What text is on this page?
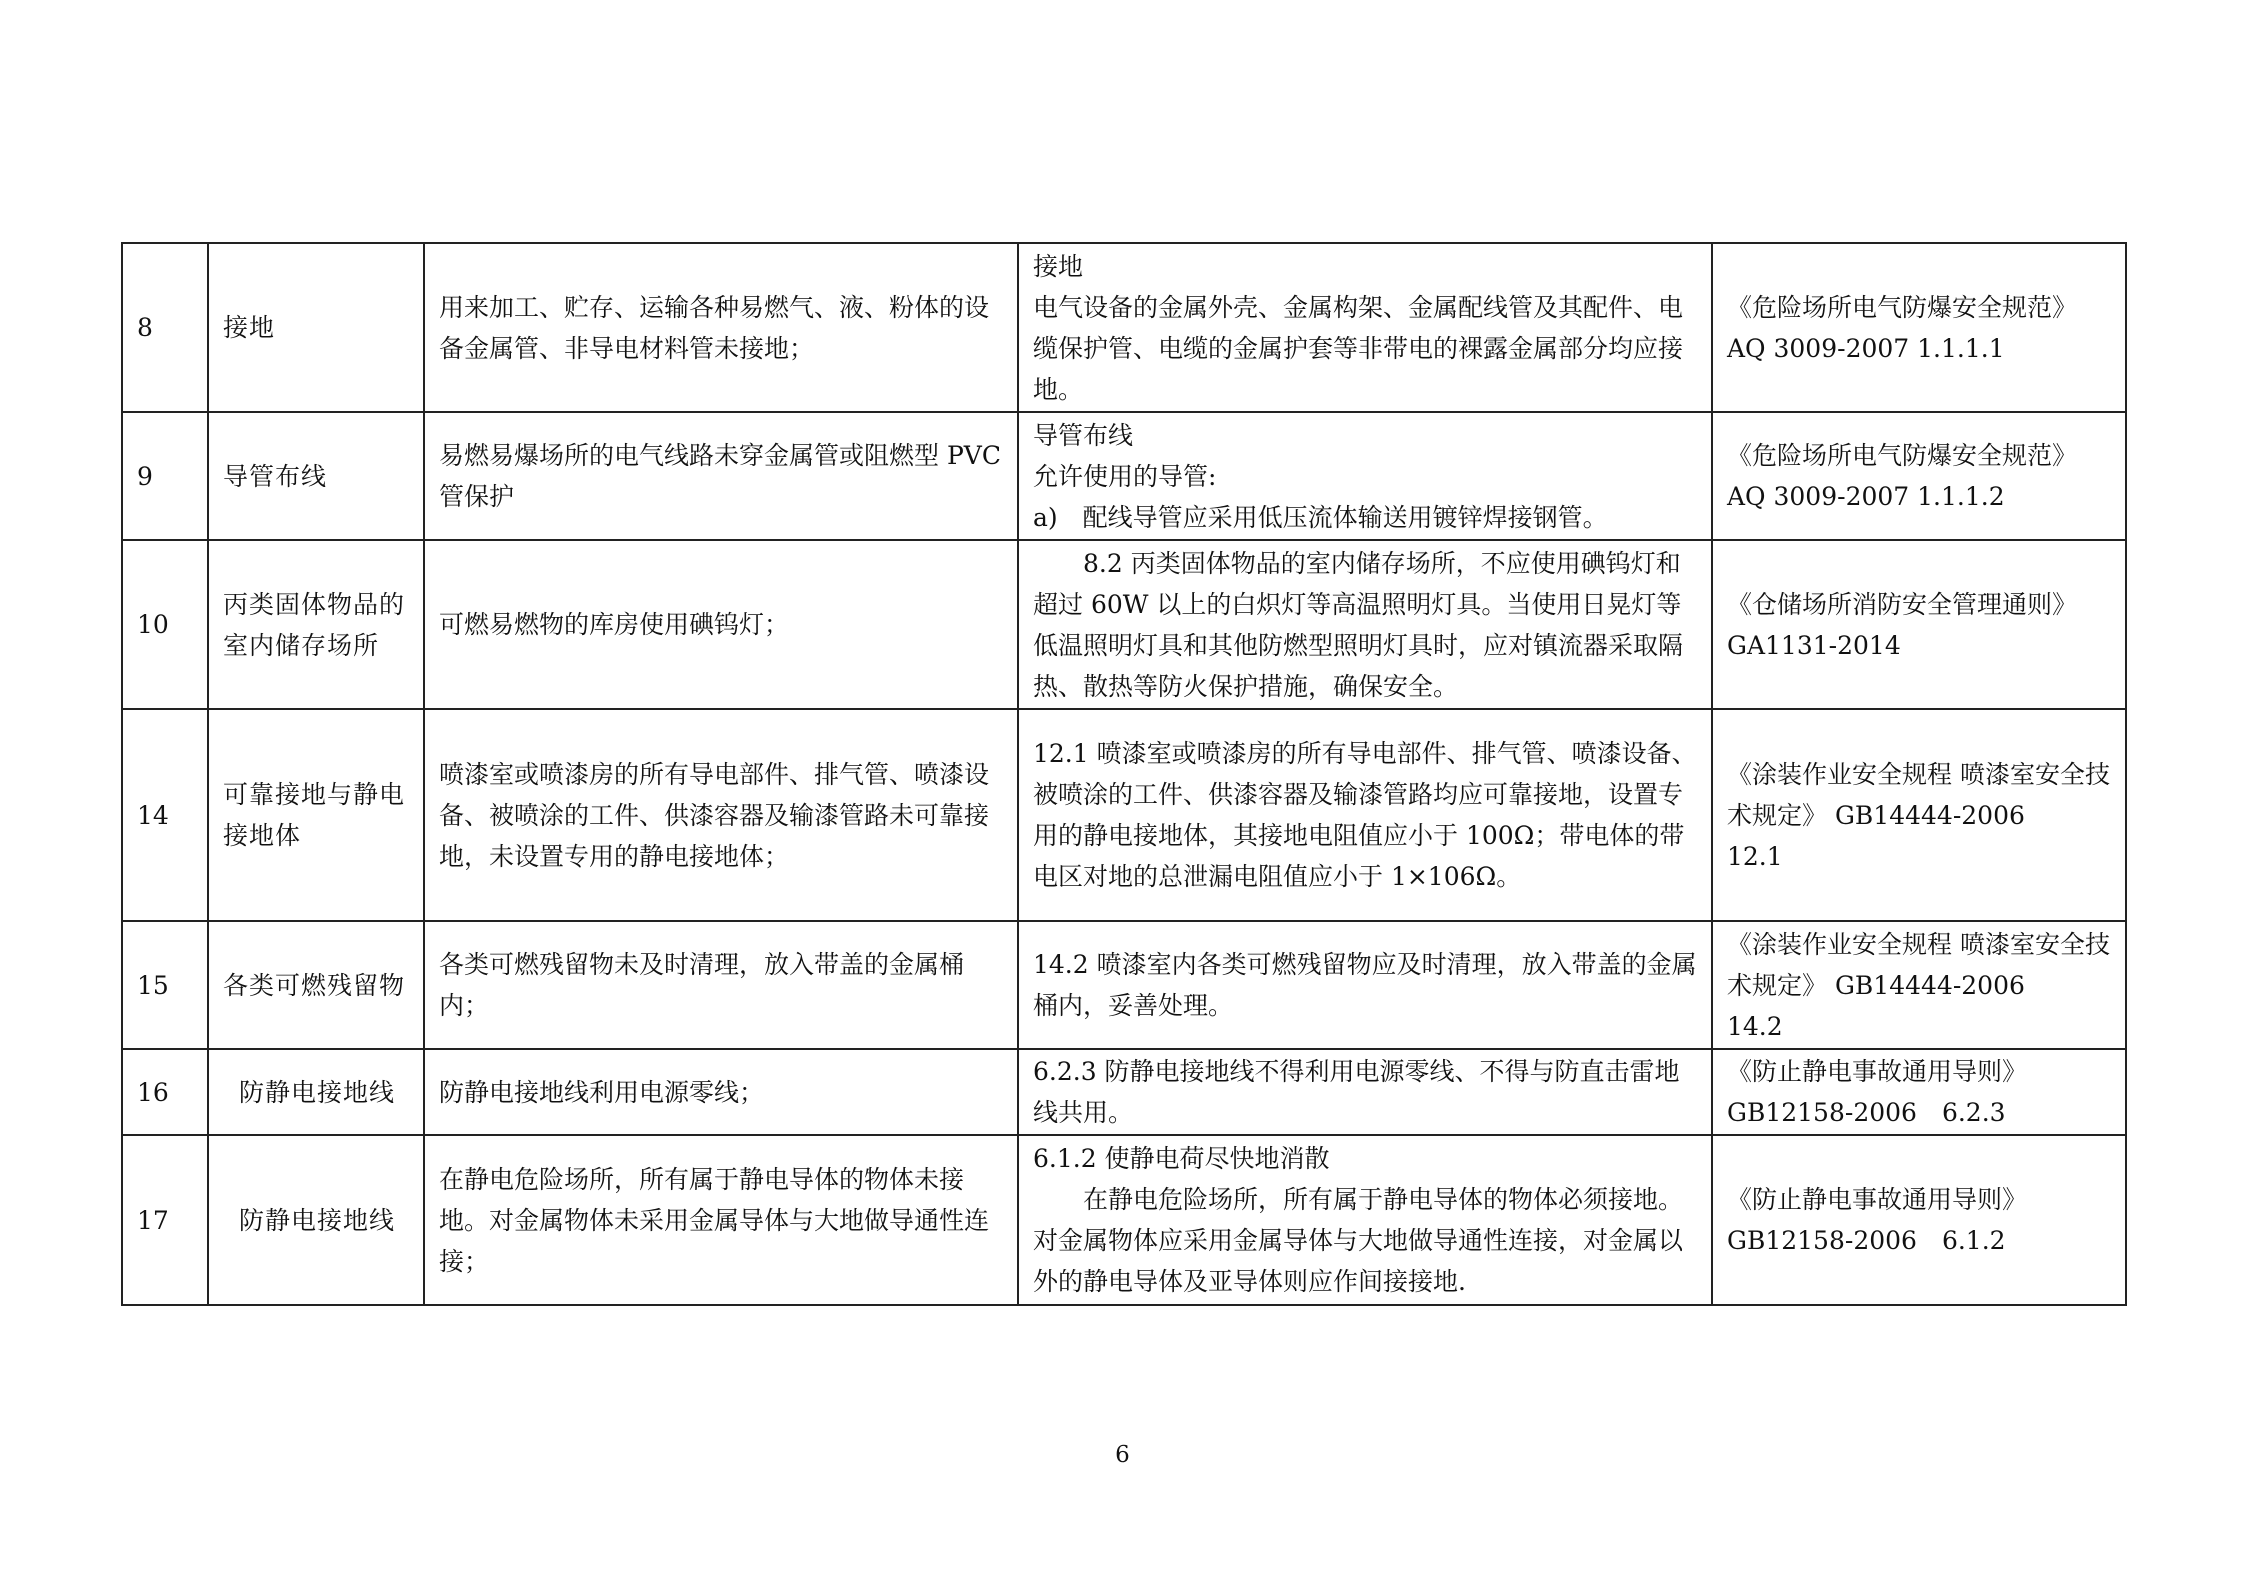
8	接地	用来加工、贮存、运输各种易燃气、液、粉体的设备金属管、非导电材料管未接地；	接地
电气设备的金属外壳、金属构架、金属配线管及其配件、电缆保护管、电缆的金属护套等非带电的裸露金属部分均应接地。	《危险场所电气防爆安全规范》
AQ 3009-2007 1.1.1.1

9	导管布线	易燃易爆场所的电气线路未穿金属管或阻燃型 PVC 管保护	导管布线
允许使用的导管:
a)　配线导管应采用低压流体输送用镀锌焊接钢管。	《危险场所电气防爆安全规范》
AQ 3009-2007 1.1.1.2

10	丙类固体物品的室内储存场所	可燃易燃物的库房使用碘钨灯；	8.2 丙类固体物品的室内储存场所，不应使用碘钨灯和超过 60W 以上的白炽灯等高温照明灯具。当使用日晃灯等低温照明灯具和其他防燃型照明灯具时，应对镇流器采取隔热、散热等防火保护措施，确保安全。	《仓储场所消防安全管理通则》
GA1131-2014

14	可靠接地与静电接地体	喷漆室或喷漆房的所有导电部件、排气管、喷漆设备、被喷涂的工件、供漆容器及输漆管路未可靠接地，未设置专用的静电接地体；	12.1 喷漆室或喷漆房的所有导电部件、排气管、喷漆设备、被喷涂的工件、供漆容器及输漆管路均应可靠接地，设置专用的静电接地体，其接地电阻值应小于 100Ω；带电体的带电区对地的总泄漏电阻值应小于 1×106Ω。	《涂装作业安全规程 喷漆室安全技术规定》 GB14444-2006
12.1

15	各类可燃残留物	各类可燃残留物未及时清理，放入带盖的金属桶内；	14.2 喷漆室内各类可燃残留物应及时清理，放入带盖的金属桶内，妥善处理。	《涂装作业安全规程 喷漆室安全技术规定》 GB14444-2006
14.2

16	防静电接地线	防静电接地线利用电源零线；	6.2.3 防静电接地线不得利用电源零线、不得与防直击雷地线共用。	《防止静电事故通用导则》
GB12158-2006　6.2.3

17	防静电接地线	在静电危险场所，所有属于静电导体的物体未接地。对金属物体未采用金属导体与大地做导通性连接；	6.1.2 使静电荷尽快地消散
在静电危险场所，所有属于静电导体的物体必须接地。对金属物体应采用金属导体与大地做导通性连接，对金属以外的静电导体及亚导体则应作间接接地.	《防止静电事故通用导则》
GB12158-2006　6.1.2
6
